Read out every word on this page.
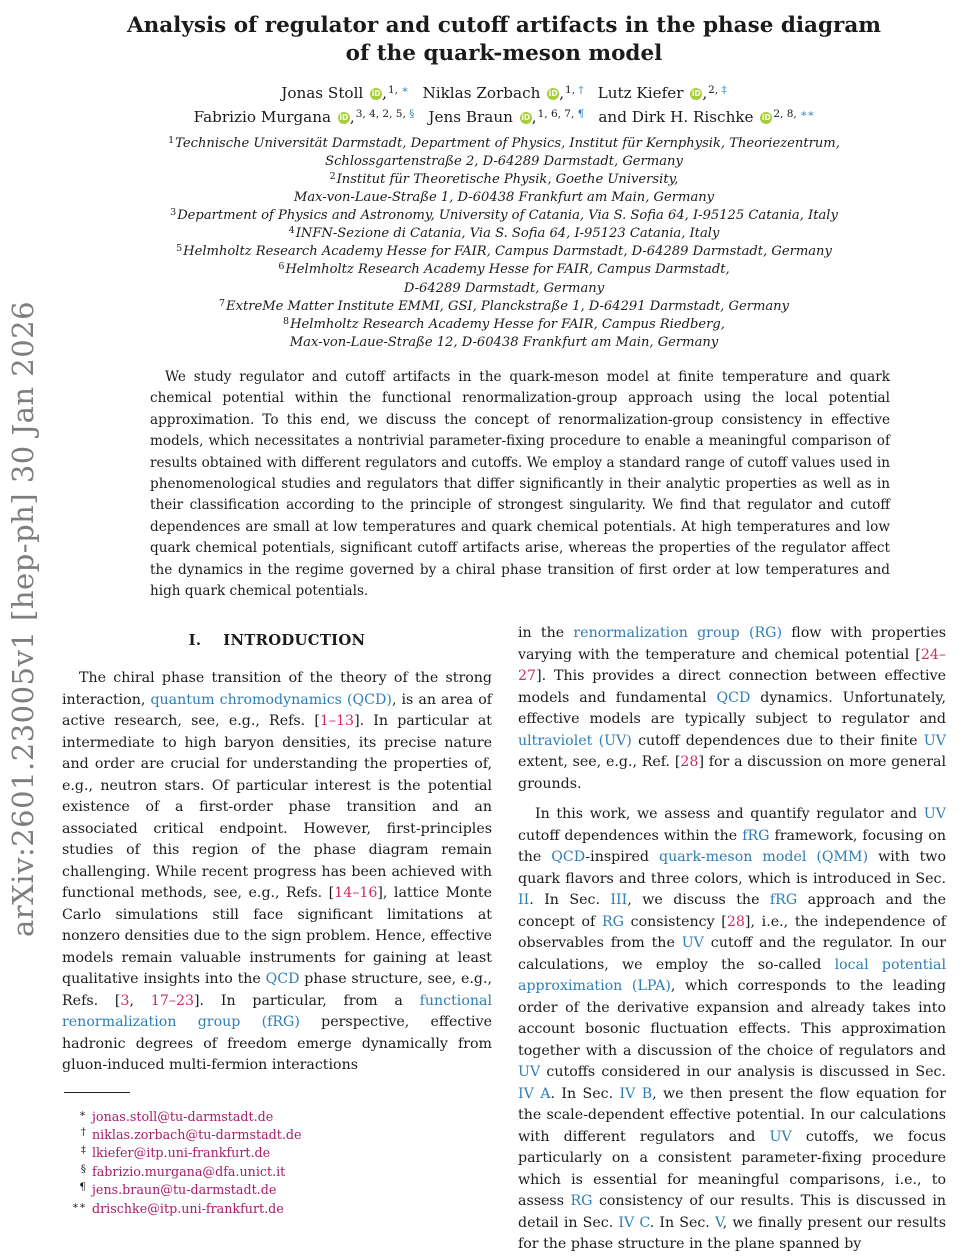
arXiv:2601.23005v1 [hep-ph] 30 Jan 2026
Analysis of regulator and cutoff artifacts in the phase diagram
of the quark-meson model
Jonas Stoll iD ,$^{1, ∗}$ Niklas Zorbach iD ,$^{1, \dagger}$ Lutz Kiefer iD ,$^{2, \ddagger}$
Fabrizio Murgana iD ,$^{3, 4, 2, 5, \S}$ Jens Braun iD ,$^{1, 6, 7, \P}$ and Dirk H. Rischke iD $^{2, 8, ∗∗}$
$^1$Technische Universität Darmstadt, Department of Physics, Institut für Kernphysik, Theoriezentrum,
Schlossgartenstraße 2, D-64289 Darmstadt, Germany
$^2$Institut für Theoretische Physik, Goethe University,
Max-von-Laue-Straße 1, D-60438 Frankfurt am Main, Germany
$^3$Department of Physics and Astronomy, University of Catania, Via S. Sofia 64, I-95125 Catania, Italy
$^4$INFN-Sezione di Catania, Via S. Sofia 64, I-95123 Catania, Italy
$^5$Helmholtz Research Academy Hesse for FAIR, Campus Darmstadt, D-64289 Darmstadt, Germany
$^6$Helmholtz Research Academy Hesse for FAIR, Campus Darmstadt,
D-64289 Darmstadt, Germany
$^7$ExtreMe Matter Institute EMMI, GSI, Planckstraße 1, D-64291 Darmstadt, Germany
$^8$Helmholtz Research Academy Hesse for FAIR, Campus Riedberg,
Max-von-Laue-Straße 12, D-60438 Frankfurt am Main, Germany

We study regulator and cutoff artifacts in the quark-meson model at finite temperature and quark chemical potential within the functional renormalization-group approach using the local potential approximation. To this end, we discuss the concept of renormalization-group consistency in effective models, which necessitates a nontrivial parameter-fixing procedure to enable a meaningful comparison of results obtained with different regulators and cutoffs. We employ a standard range of cutoff values used in phenomenological studies and regulators that differ significantly in their analytic properties as well as in their classification according to the principle of strongest singularity. We find that regulator and cutoff dependences are small at low temperatures and quark chemical potentials. At high temperatures and low quark chemical potentials, significant cutoff artifacts arise, whereas the properties of the regulator affect the dynamics in the regime governed by a chiral phase transition of first order at low temperatures and high quark chemical potentials.

I. INTRODUCTION

The chiral phase transition of the theory of the strong interaction, quantum chromodynamics (QCD), is an area of active research, see, e.g., Refs. [1–13]. In particular at intermediate to high baryon densities, its precise nature and order are crucial for understanding the properties of, e.g., neutron stars. Of particular interest is the potential existence of a first-order phase transition and an associated critical endpoint. However, first-principles studies of this region of the phase diagram remain challenging. While recent progress has been achieved with functional methods, see, e.g., Refs. [14–16], lattice Monte Carlo simulations still face significant limitations at nonzero densities due to the sign problem. Hence, effective models remain valuable instruments for gaining at least qualitative insights into the QCD phase structure, see, e.g., Refs. [3, 17–23]. In particular, from a functional renormalization group (fRG) perspective, effective hadronic degrees of freedom emerge dynamically from gluon-induced multi-fermion interactions

∗ jonas.stoll@tu-darmstadt.de
† niklas.zorbach@tu-darmstadt.de
‡ lkiefer@itp.uni-frankfurt.de
§ fabrizio.murgana@dfa.unict.it
¶ jens.braun@tu-darmstadt.de
∗∗ drischke@itp.uni-frankfurt.de

in the renormalization group (RG) flow with properties varying with the temperature and chemical potential [24–27]. This provides a direct connection between effective models and fundamental QCD dynamics. Unfortunately, effective models are typically subject to regulator and ultraviolet (UV) cutoff dependences due to their finite UV extent, see, e.g., Ref. [28] for a discussion on more general grounds.

In this work, we assess and quantify regulator and UV cutoff dependences within the fRG framework, focusing on the QCD-inspired quark-meson model (QMM) with two quark flavors and three colors, which is introduced in Sec. II. In Sec. III, we discuss the fRG approach and the concept of RG consistency [28], i.e., the independence of observables from the UV cutoff and the regulator. In our calculations, we employ the so-called local potential approximation (LPA), which corresponds to the leading order of the derivative expansion and already takes into account bosonic fluctuation effects. This approximation together with a discussion of the choice of regulators and UV cutoffs considered in our analysis is discussed in Sec. IV A. In Sec. IV B, we then present the flow equation for the scale-dependent effective potential. In our calculations with different regulators and UV cutoffs, we focus particularly on a consistent parameter-fixing procedure which is essential for meaningful comparisons, i.e., to assess RG consistency of our results. This is discussed in detail in Sec. IV C. In Sec. V, we finally present our results for the phase structure in the plane spanned by
